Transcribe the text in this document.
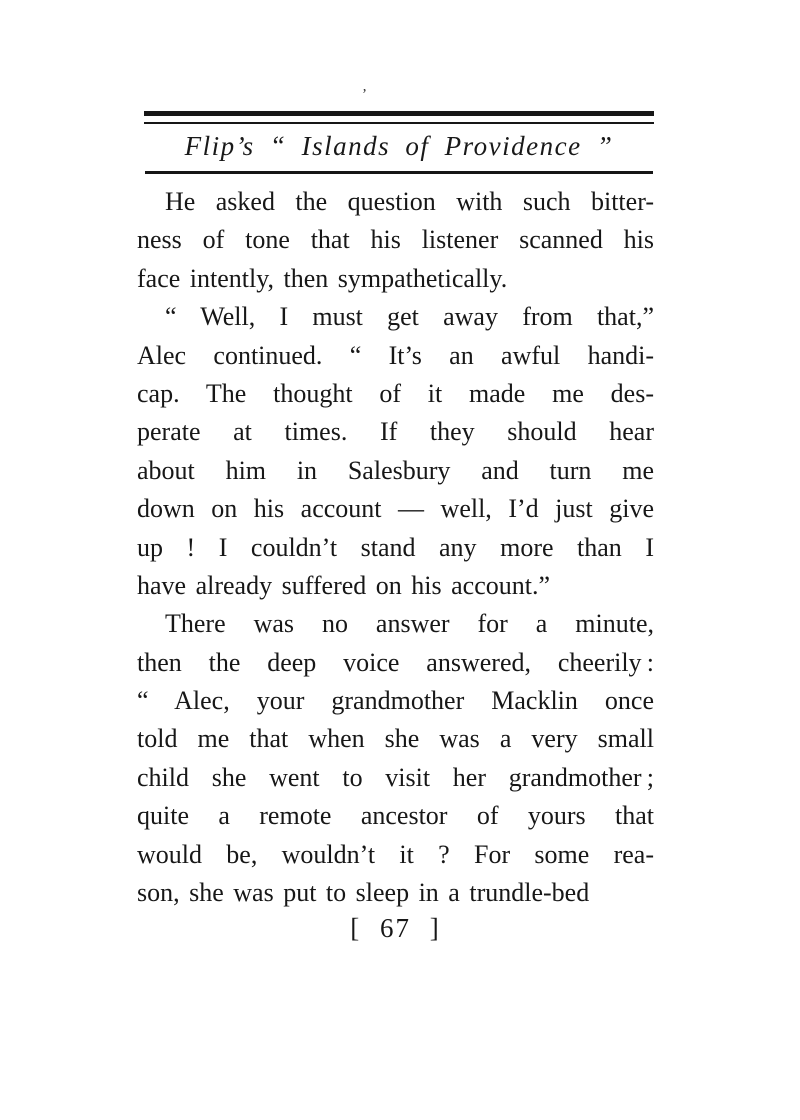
ʼ
Flip’s “ Islands of Providence ”
He asked the question with such bitter-
ness of tone that his listener scanned his
face intently, then sympathetically.
“ Well, I must get away from that,”
Alec continued. “ It’s an awful handi-
cap. The thought of it made me des-
perate at times. If they should hear
about him in Salesbury and turn me
down on his account — well, I’d just give
up ! I couldn’t stand any more than I
have already suffered on his account.”
There was no answer for a minute,
then the deep voice answered, cheerily :
“ Alec, your grandmother Macklin once
told me that when she was a very small
child she went to visit her grandmother ;
quite a remote ancestor of yours that
would be, wouldn’t it ? For some rea-
son, she was put to sleep in a trundle-bed
[ 67 ]
